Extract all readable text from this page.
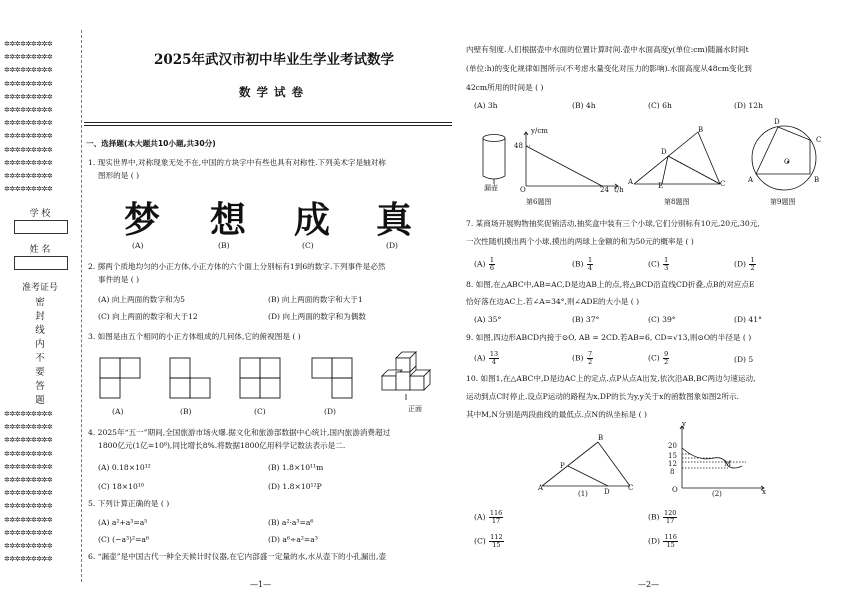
✲✲✲✲✲✲✲✲✲
✲✲✲✲✲✲✲✲✲
✲✲✲✲✲✲✲✲✲
✲✲✲✲✲✲✲✲✲
✲✲✲✲✲✲✲✲✲
✲✲✲✲✲✲✲✲✲
✲✲✲✲✲✲✲✲✲
✲✲✲✲✲✲✲✲✲
✲✲✲✲✲✲✲✲✲
✲✲✲✲✲✲✲✲✲
✲✲✲✲✲✲✲✲✲
✲✲✲✲✲✲✲✲✲
学 校
姓 名
准考证号
密
封
线
内
不
要
答
题
✲✲✲✲✲✲✲✲✲
✲✲✲✲✲✲✲✲✲
✲✲✲✲✲✲✲✲✲
✲✲✲✲✲✲✲✲✲
✲✲✲✲✲✲✲✲✲
✲✲✲✲✲✲✲✲✲
✲✲✲✲✲✲✲✲✲
✲✲✲✲✲✲✲✲✲
✲✲✲✲✲✲✲✲✲
✲✲✲✲✲✲✲✲✲
✲✲✲✲✲✲✲✲✲
✲✲✲✲✲✲✲✲✲
2025年武汉市初中毕业生学业考试数学
数学试卷
一、选择题(本大题共10小题,共30分)
1. 现实世界中,对称现象无处不在,中国的方块字中有些也具有对称性.下列美术字是轴对称
图形的是 ( )
梦 想 成 真
(A)	(B)	(C)	(D)
2. 掷两个质地均匀的小正方体,小正方体的六个面上分别标有1到6的数字.下列事件是必然
事件的是 ( )
(A) 向上两面的数字和为5	(B) 向上两面的数字和大于1
(C) 向上两面的数字和大于12	(D) 向上两面的数字和为偶数
3. 如图是由五个相同的小正方体组成的几何体,它的俯视图是 ( )
(A)	(B)	(C)	(D)	正面
4. 2025年“五一”期间,全国旅游市场火爆.据文化和旅游部数据中心统计,国内旅游消费超过
1800亿元(1亿=10⁸),同比增长8%.将数据1800亿用科学记数法表示是二.
(A) 0.18×10¹²	(B) 1.8×10¹¹m
(C) 18×10¹⁰	(D) 1.8×10¹²P
5. 下列计算正确的是 ( )
(A) a²+a³=a⁵	(B) a²·a³=a⁶
(C) (−a³)²=a⁶	(D) a⁶÷a²=a³
6. “漏壶”是中国古代一种全天候计时仪器,在它内部盛一定量的水,水从壶下的小孔漏出,壶
—1—
内壁有刻度.人们根据壶中水面的位置计算时间.壶中水面高度y(单位:cm)随漏水时间t
(单位:h)的变化规律如图所示(不考虑水量变化对压力的影响).水面高度从48cm变化到
42cm所用的时间是 ( )
(A) 3h	(B) 4h	(C) 6h	(D) 12h
漏壶
y/cm
48
24 t/h
O
第6题图
A
B
C
D
E
第8题图
A	B
C
D
O
第9题图
7. 某商场开展购物抽奖促销活动,抽奖盒中装有三个小球,它们分别标有10元,20元,30元,
一次性随机摸出两个小球,摸出的两球上金额的和为50元的概率是 ( )
$(A) \frac{1}{6}$	$(B) \frac{1}{4}$	$(C) \frac{1}{3}$	$(D) \frac{1}{2}$
8. 如图,在△ABC中,AB=AC,D是边AB上的点,将△BCD沿直线CD折叠,点B的对应点E
恰好落在边AC上.若∠A=34°,则∠ADE的大小是 ( )
(A) 35°	(B) 37°	(C) 39°	(D) 41°
9. 如图,四边形ABCD内接于⊙O, AB = 2CD.若AB=6, CD=√13,则⊙O的半径是 ( )
$(A) \frac{13}{4}$	$(B) \frac{7}{2}$	$(C) \frac{9}{2}$	(D) 5
10. 如图1,在△ABC中,D是边AC上的定点.点P从点A出发,依次沿AB,BC两边匀速运动,
运动到点C时停止.设点P运动的路程为x,DP的长为y,y关于x的函数图象如图2所示.
其中M,N分别是两段曲线的最低点.点N的纵坐标是 ( )
A
B
C
D
P
(1)
y
20
15
12
8
M
O	x
(2)
$(A) \frac{116}{17}$	$(B) \frac{120}{17}$
$(C) \frac{112}{15}$	$(D) \frac{116}{15}$
—2—
